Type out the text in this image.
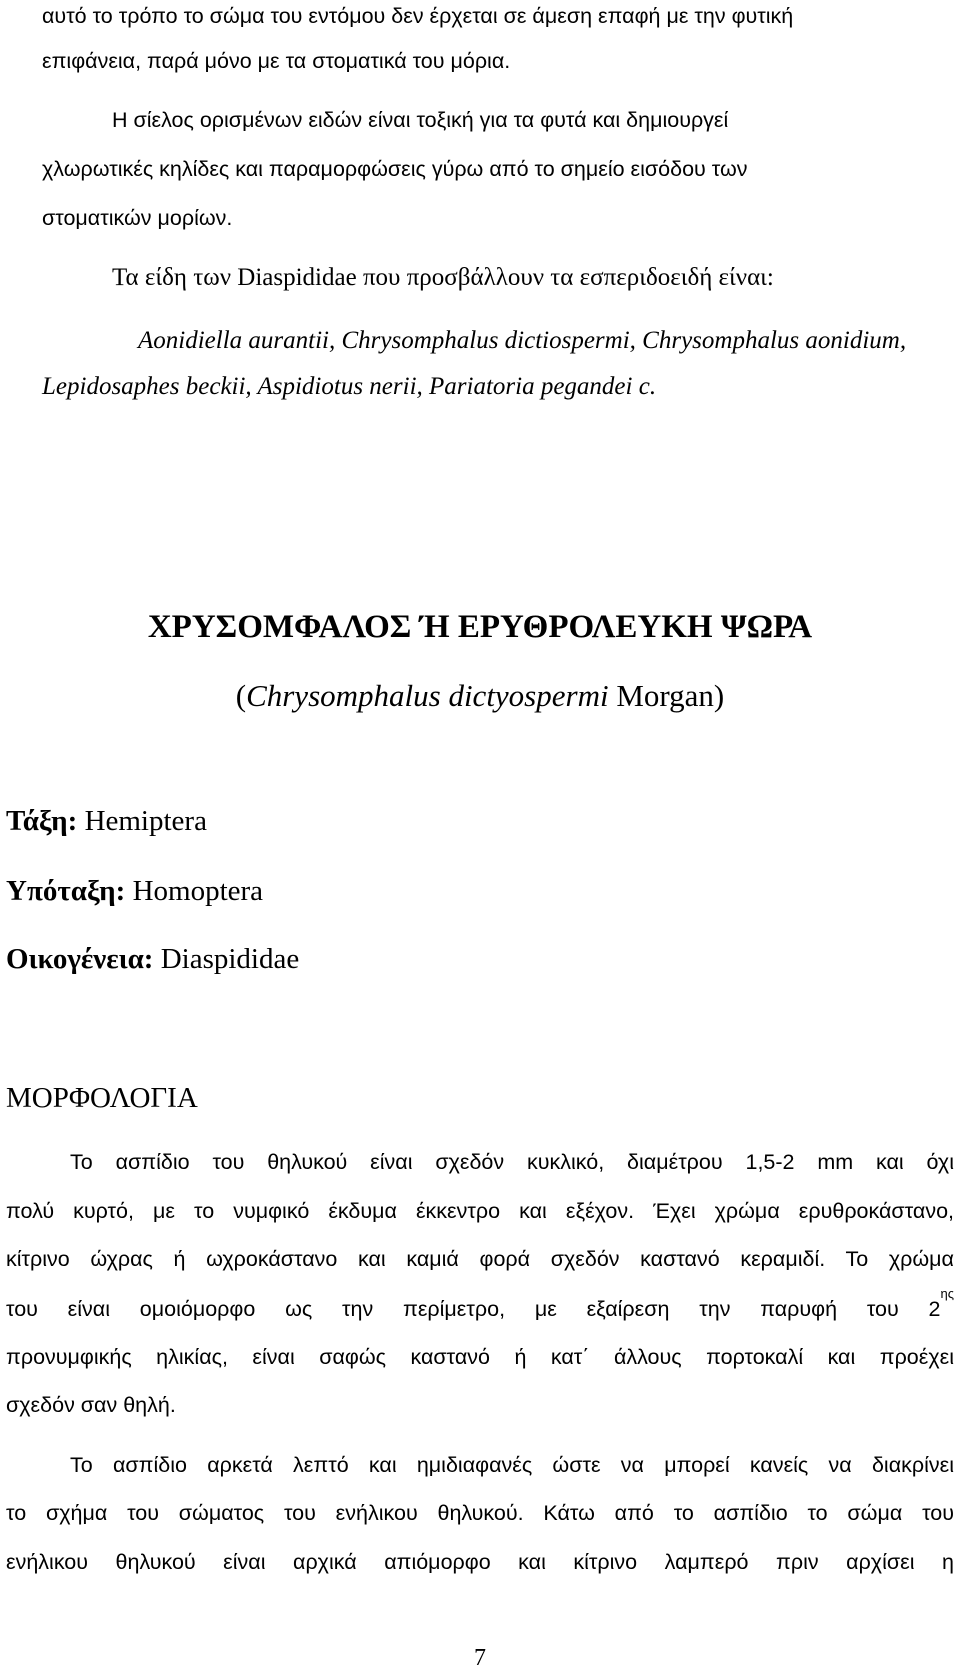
αυτό το τρόπο το σώμα του εντόμου δεν έρχεται σε άμεση επαφή με την φυτική
επιφάνεια, παρά μόνο με τα στοματικά του μόρια.
Η σίελος ορισμένων ειδών είναι τοξική για τα φυτά και δημιουργεί
χλωρωτικές κηλίδες και παραμορφώσεις γύρω από το σημείο εισόδου των
στοματικών μορίων.
Τα είδη των Diaspididae που προσβάλλουν τα εσπεριδοειδή είναι:
Aonidiella aurantii, Chrysomphalus dictiospermi, Chrysomphalus aonidium,
Lepidosaphes beckii, Aspidiotus nerii, Pariatoria pegandei c.
ΧΡΥΣΟΜΦΑΛΟΣ Ή ΕΡΥΘΡΟΛΕΥΚΗ ΨΩΡΑ
(Chrysomphalus dictyospermi Morgan)
Τάξη: Hemiptera
Υπόταξη: Homoptera
Οικογένεια: Diaspididae
ΜΟΡΦΟΛΟΓΙΑ
Το ασπίδιο του θηλυκού είναι σχεδόν κυκλικό, διαμέτρου 1,5-2 mm και όχι
πολύ κυρτό, με το νυμφικό έκδυμα έκκεντρο και εξέχον. Έχει χρώμα ερυθροκάστανο,
κίτρινο ώχρας ή ωχροκάστανο και καμιά φορά σχεδόν καστανό κεραμιδί. Το χρώμα
του είναι ομοιόμορφο ως την περίμετρο, με εξαίρεση την παρυφή του 2
ης
προνυμφικής ηλικίας, είναι σαφώς καστανό ή κατ΄ άλλους πορτοκαλί και προέχει
σχεδόν σαν θηλή.
Το ασπίδιο αρκετά λεπτό και ημιδιαφανές ώστε να μπορεί κανείς να διακρίνει
το σχήμα του σώματος του ενήλικου θηλυκού. Κάτω από το ασπίδιο το σώμα του
ενήλικου θηλυκού είναι αρχικά απιόμορφο και κίτρινο λαμπερό πριν αρχίσει η
7
